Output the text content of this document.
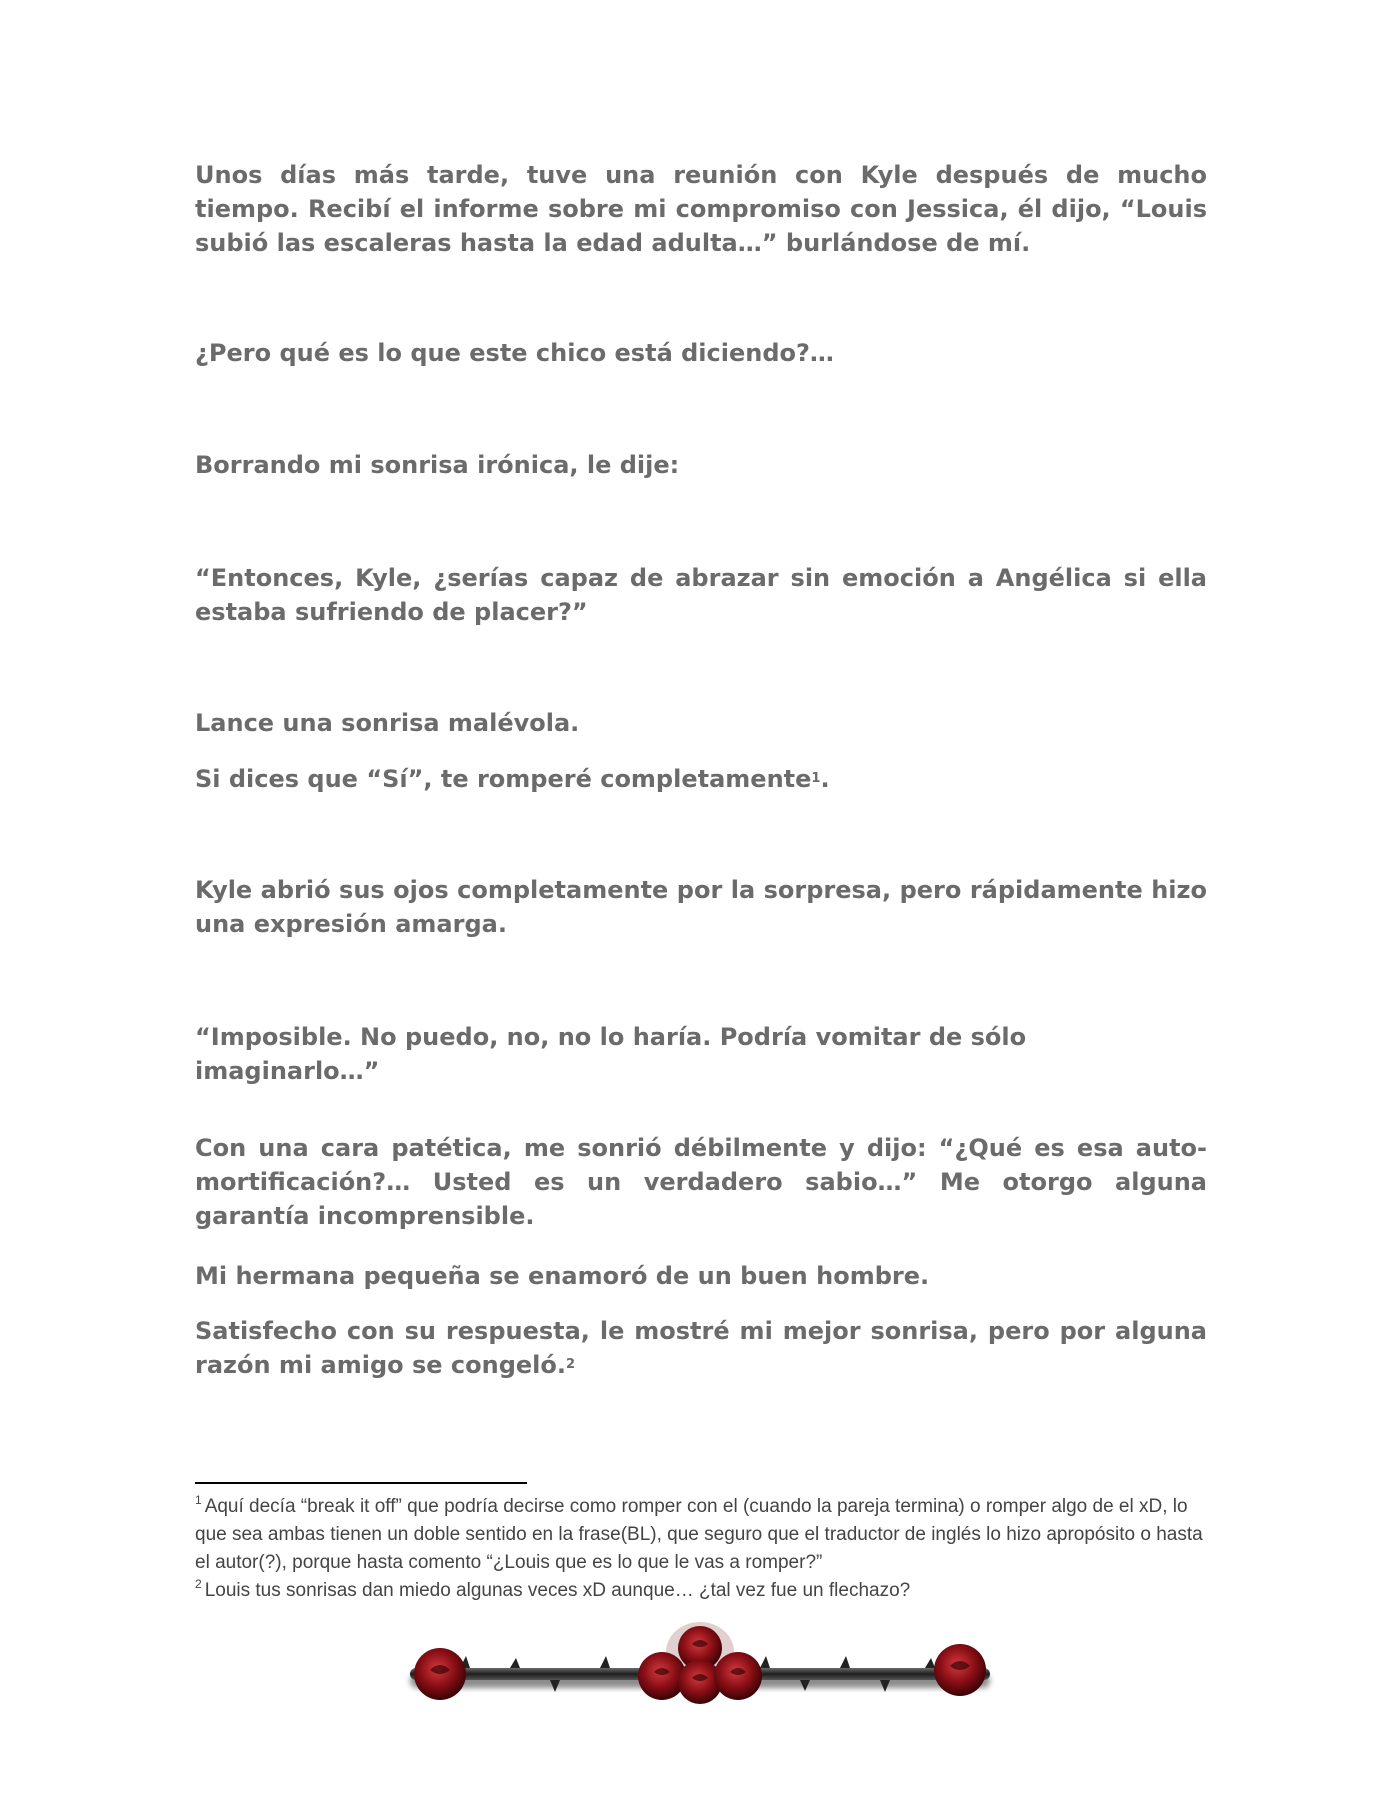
Unos días más tarde, tuve una reunión con Kyle después de mucho tiempo. Recibí el informe sobre mi compromiso con Jessica, él dijo, “Louis subió las escaleras hasta la edad adulta…” burlándose de mí.

¿Pero qué es lo que este chico está diciendo?…

Borrando mi sonrisa irónica, le dije:

“Entonces, Kyle, ¿serías capaz de abrazar sin emoción a Angélica si ella estaba sufriendo de placer?”

Lance una sonrisa malévola.

Si dices que “Sí”, te romperé completamente$^1$.

Kyle abrió sus ojos completamente por la sorpresa, pero rápidamente hizo una expresión amarga.

“Imposible. No puedo, no, no lo haría. Podría vomitar de sólo imaginarlo…”

Con una cara patética, me sonrió débilmente y dijo: “¿Qué es esa auto-mortificación?… Usted es un verdadero sabio…” Me otorgo alguna garantía incomprensible.

Mi hermana pequeña se enamoró de un buen hombre.

Satisfecho con su respuesta, le mostré mi mejor sonrisa, pero por alguna razón mi amigo se congeló.$^2$

$^1$ Aquí decía “break it off” que podría decirse como romper con el (cuando la pareja termina) o romper algo de el xD, lo que sea ambas tienen un doble sentido en la frase(BL), que seguro que el traductor de inglés lo hizo apropósito o hasta el autor(?), porque hasta comento “¿Louis que es lo que le vas a romper?”

$^2$ Louis tus sonrisas dan miedo algunas veces xD aunque… ¿tal vez fue un flechazo?
